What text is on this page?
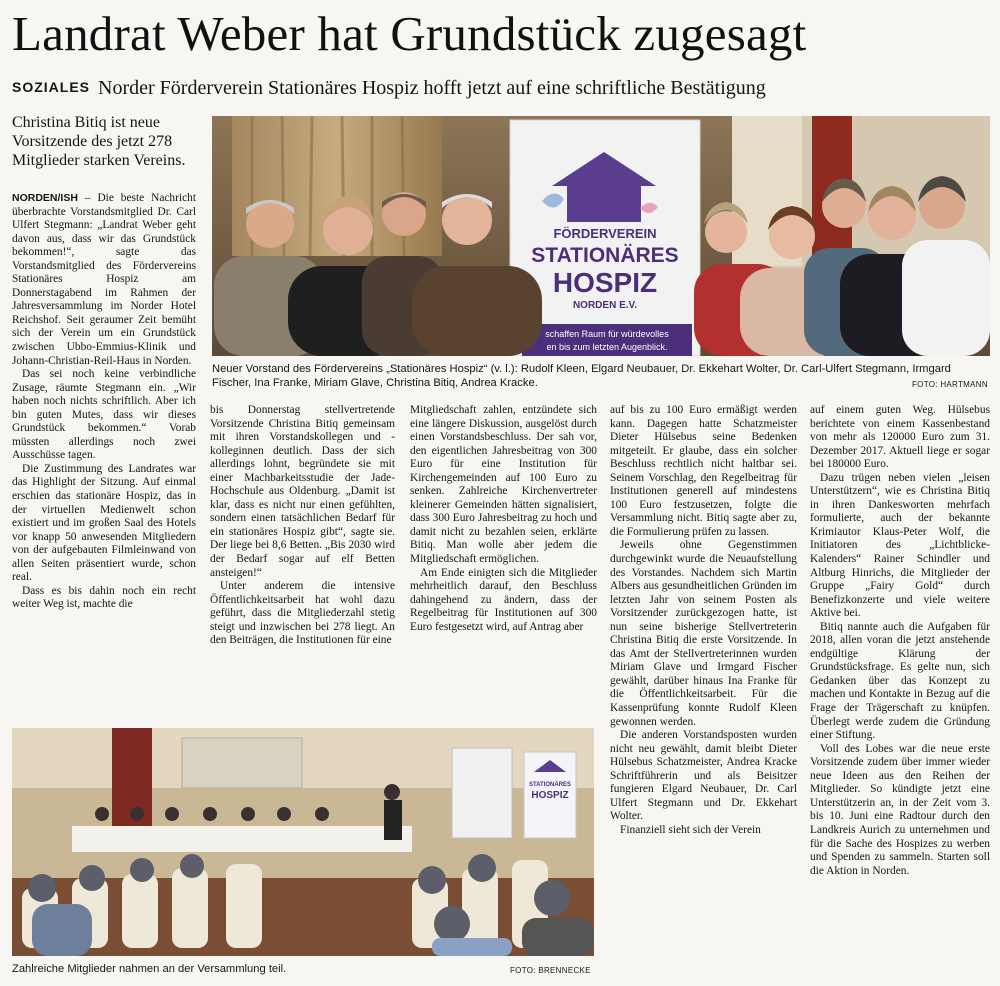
Landrat Weber hat Grundstück zugesagt
SOZIALES Norder Förderverein Stationäres Hospiz hofft jetzt auf eine schriftliche Bestätigung
Christina Bitiq ist neue Vorsitzende des jetzt 278 Mitglieder starken Vereins.
FÖRDERVEREIN
STATIONÄRES
HOSPIZ
NORDEN E.V.
schaffen Raum für würdevolles
en bis zum letzten Augenblick.
Neuer Vorstand des Fördervereins „Stationäres Hospiz“ (v. l.): Rudolf Kleen, Elgard Neubauer, Dr. Ekkehart Wolter, Dr. Carl-Ulfert Stegmann, Irmgard Fischer, Ina Franke, Miriam Glave, Christina Bitiq, Andrea Kracke.	FOTO: HARTMANN
STATIONÄRES
HOSPIZ
Zahlreiche Mitglieder nahmen an der Versammlung teil.	FOTO: BRENNECKE

NORDEN/ISH – Die beste Nachricht überbrachte Vorstandsmitglied Dr. Carl Ulfert Stegmann: „Landrat Weber geht davon aus, dass wir das Grundstück bekommen!“, sagte das Vorstandsmitglied des Fördervereins Stationäres Hospiz am Donnerstagabend im Rahmen der Jahresversammlung im Norder Hotel Reichshof. Seit geraumer Zeit bemüht sich der Verein um ein Grundstück zwischen Ubbo-Emmius-Klinik und Johann-Christian-Reil-Haus in Norden.

Das sei noch keine verbindliche Zusage, räumte Stegmann ein. „Wir haben noch nichts schriftlich. Aber ich bin guten Mutes, dass wir dieses Grundstück bekommen.“ Vorab müssten allerdings noch zwei Ausschüsse tagen.

Die Zustimmung des Landrates war das Highlight der Sitzung. Auf einmal erschien das stationäre Hospiz, das in der virtuellen Medienwelt schon existiert und im großen Saal des Hotels vor knapp 50 anwesenden Mitgliedern von der aufgebauten Filmleinwand von allen Seiten präsentiert wurde, schon real.

Dass es bis dahin noch ein recht weiter Weg ist, machte die

bis Donnerstag stellvertretende Vorsitzende Christina Bitiq gemeinsam mit ihren Vorstandskollegen und -kolleginnen deutlich. Dass der sich allerdings lohnt, begründete sie mit einer Machbarkeitsstudie der Jade-Hochschule aus Oldenburg. „Damit ist klar, dass es nicht nur einen gefühlten, sondern einen tatsächlichen Bedarf für ein stationäres Hospiz gibt“, sagte sie. Der liege bei 8,6 Betten. „Bis 2030 wird der Bedarf sogar auf elf Betten ansteigen!“

Unter anderem die intensive Öffentlichkeitsarbeit hat wohl dazu geführt, dass die Mitgliederzahl stetig steigt und inzwischen bei 278 liegt. An den Beiträgen, die Institutionen für eine

Mitgliedschaft zahlen, entzündete sich eine längere Diskussion, ausgelöst durch einen Vorstandsbeschluss. Der sah vor, den eigentlichen Jahresbeitrag von 300 Euro für eine Institution für Kirchengemeinden auf 100 Euro zu senken. Zahlreiche Kirchenvertreter kleinerer Gemeinden hätten signalisiert, dass 300 Euro Jahresbeitrag zu hoch und damit nicht zu bezahlen seien, erklärte Bitiq. Man wolle aber jedem die Mitgliedschaft ermöglichen.

Am Ende einigten sich die Mitglieder mehrheitlich darauf, den Beschluss dahingehend zu ändern, dass der Regelbeitrag für Institutionen auf 300 Euro festgesetzt wird, auf Antrag aber

auf bis zu 100 Euro ermäßigt werden kann. Dagegen hatte Schatzmeister Dieter Hülsebus seine Bedenken mitgeteilt. Er glaube, dass ein solcher Beschluss rechtlich nicht haltbar sei. Seinem Vorschlag, den Regelbeitrag für Institutionen generell auf mindestens 100 Euro festzusetzen, folgte die Versammlung nicht. Bitiq sagte aber zu, die Formulierung prüfen zu lassen.

Jeweils ohne Gegenstimmen durchgewinkt wurde die Neuaufstellung des Vorstandes. Nachdem sich Martin Albers aus gesundheitlichen Gründen im letzten Jahr von seinem Posten als Vorsitzender zurückgezogen hatte, ist nun seine bisherige Stellvertreterin Christina Bitiq die erste Vorsitzende. In das Amt der Stellvertreterinnen wurden Miriam Glave und Irmgard Fischer gewählt, darüber hinaus Ina Franke für die Öffentlichkeitsarbeit. Für die Kassenprüfung konnte Rudolf Kleen gewonnen werden.

Die anderen Vorstandsposten wurden nicht neu gewählt, damit bleibt Dieter Hülsebus Schatzmeister, Andrea Kracke Schriftführerin und als Beisitzer fungieren Elgard Neubauer, Dr. Carl Ulfert Stegmann und Dr. Ekkehart Wolter.

Finanziell sieht sich der Verein

auf einem guten Weg. Hülsebus berichtete von einem Kassenbestand von mehr als 120000 Euro zum 31. Dezember 2017. Aktuell liege er sogar bei 180000 Euro.

Dazu trügen neben vielen „leisen Unterstützern“, wie es Christina Bitiq in ihren Dankesworten mehrfach formulierte, auch der bekannte Krimiautor Klaus-Peter Wolf, die Initiatoren des „Lichtblicke-Kalenders“ Rainer Schindler und Altburg Hinrichs, die Mitglieder der Gruppe „Fairy Gold“ durch Benefizkonzerte und viele weitere Aktive bei.

Bitiq nannte auch die Aufgaben für 2018, allen voran die jetzt anstehende endgültige Klärung der Grundstücksfrage. Es gelte nun, sich Gedanken über das Konzept zu machen und Kontakte in Bezug auf die Frage der Trägerschaft zu knüpfen. Überlegt werde zudem die Gründung einer Stiftung.

Voll des Lobes war die neue erste Vorsitzende zudem über immer wieder neue Ideen aus den Reihen der Mitglieder. So kündigte jetzt eine Unterstützerin an, in der Zeit vom 3. bis 10. Juni eine Radtour durch den Landkreis Aurich zu unternehmen und für die Sache des Hospizes zu werben und Spenden zu sammeln. Starten soll die Aktion in Norden.
